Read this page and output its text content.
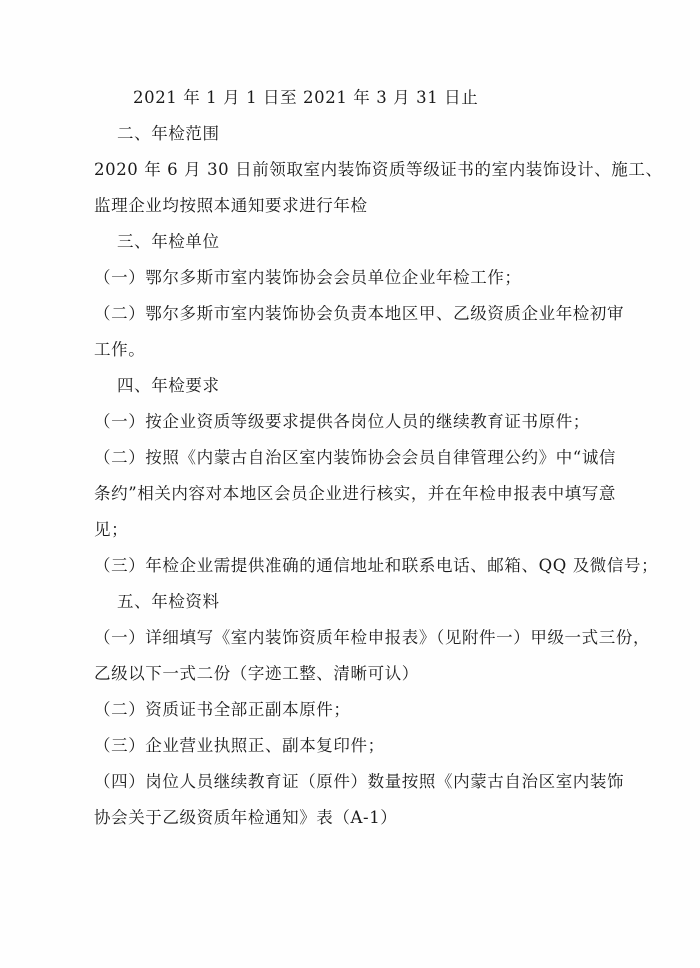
2021 年 1 月 1 日至 2021 年 3 月 31 日止
二、年检范围
2020 年 6 月 30 日前领取室内装饰资质等级证书的室内装饰设计、施工、
监理企业均按照本通知要求进行年检
三、年检单位
（一）鄂尔多斯市室内装饰协会会员单位企业年检工作；
（二）鄂尔多斯市室内装饰协会负责本地区甲、乙级资质企业年检初审
工作。
四、年检要求
（一）按企业资质等级要求提供各岗位人员的继续教育证书原件；
（二）按照《内蒙古自治区室内装饰协会会员自律管理公约》中“诚信
条约”相关内容对本地区会员企业进行核实，并在年检申报表中填写意
见；
（三）年检企业需提供准确的通信地址和联系电话、邮箱、QQ 及微信号；
五、年检资料
（一）详细填写《室内装饰资质年检申报表》（见附件一）甲级一式三份，
乙级以下一式二份（字迹工整、清晰可认）
（二）资质证书全部正副本原件；
（三）企业营业执照正、副本复印件；
（四）岗位人员继续教育证（原件）数量按照《内蒙古自治区室内装饰
协会关于乙级资质年检通知》表（A-1）
